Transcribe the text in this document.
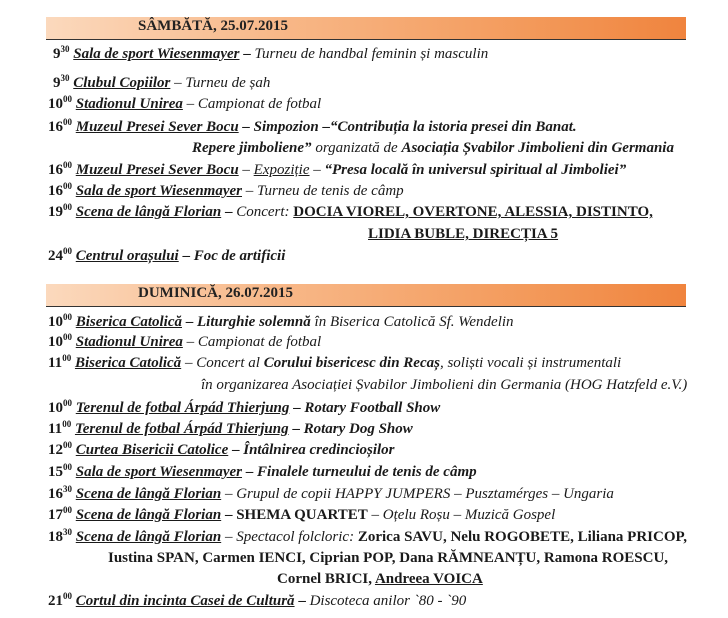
SÂMBĂTĂ, 25.07.2015
$9^{30}$ Sala de sport Wiesenmayer – Turneu de handbal feminin și masculin
$9^{30}$ Clubul Copiilor – Turneu de șah
$10^{00}$ Stadionul Unirea – Campionat de fotbal
$16^{00}$ Muzeul Presei Sever Bocu – Simpozion –“Contribuția la istoria presei din Banat.
Repere jimboliene” organizată de Asociația Șvabilor Jimbolieni din Germania
$16^{00}$ Muzeul Presei Sever Bocu – Expoziție – “Presa locală în universul spiritual al Jimboliei”
$16^{00}$ Sala de sport Wiesenmayer – Turneu de tenis de câmp
$19^{00}$ Scena de lângă Florian – Concert: DOCIA VIOREL, OVERTONE, ALESSIA, DISTINTO,
LIDIA BUBLE, DIRECȚIA 5
$24^{00}$ Centrul orașului – Foc de artificii
DUMINICĂ, 26.07.2015
$10^{00}$ Biserica Catolică – Liturghie solemnă în Biserica Catolică Sf. Wendelin
$10^{00}$ Stadionul Unirea – Campionat de fotbal
$11^{00}$ Biserica Catolică – Concert al Corului bisericesc din Recaș, soliști vocali și instrumentali
în organizarea Asociației Șvabilor Jimbolieni din Germania (HOG Hatzfeld e.V.)
$10^{00}$ Terenul de fotbal Árpád Thierjung – Rotary Football Show
$11^{00}$ Terenul de fotbal Árpád Thierjung – Rotary Dog Show
$12^{00}$ Curtea Bisericii Catolice – Întâlnirea credincioșilor
$15^{00}$ Sala de sport Wiesenmayer – Finalele turneului de tenis de câmp
$16^{30}$ Scena de lângă Florian – Grupul de copii HAPPY JUMPERS – Pusztamérges – Ungaria
$17^{00}$ Scena de lângă Florian – SHEMA QUARTET – Oțelu Roșu – Muzică Gospel
$18^{30}$ Scena de lângă Florian – Spectacol folcloric: Zorica SAVU, Nelu ROGOBETE, Liliana PRICOP,
Iustina SPAN, Carmen IENCI, Ciprian POP, Dana RĂMNEANȚU, Ramona ROESCU,
Cornel BRICI, Andreea VOICA
$21^{00}$ Cortul din incinta Casei de Cultură – Discoteca anilor `80 - `90
